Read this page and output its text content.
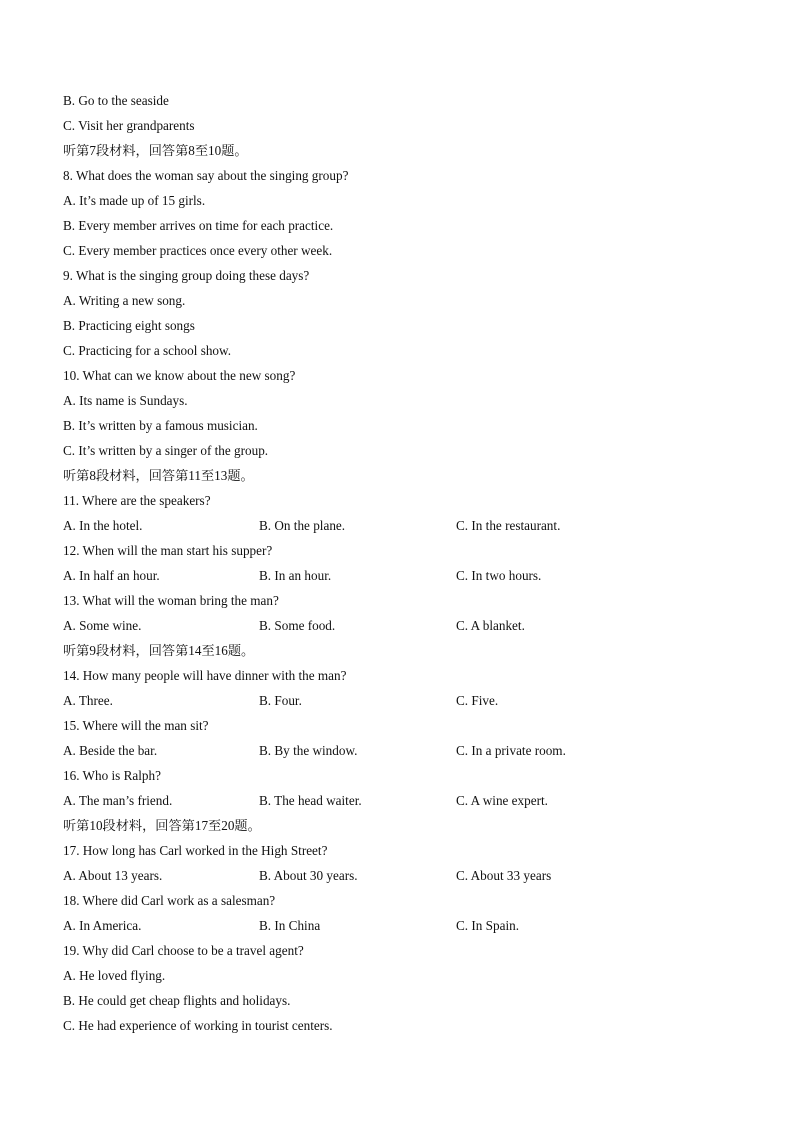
B. Go to the seaside
C. Visit her grandparents
听第7段材料，回答第8至10题。
8. What does the woman say about the singing group?
A. It’s made up of 15 girls.
B. Every member arrives on time for each practice.
C. Every member practices once every other week.
9. What is the singing group doing these days?
A. Writing a new song.
B. Practicing eight songs
C. Practicing for a school show.
10. What can we know about the new song?
A. Its name is Sundays.
B. It’s written by a famous musician.
C. It’s written by a singer of the group.
听第8段材料，回答第11至13题。
11. Where are the speakers?
A. In the hotel.	B. On the plane.	C. In the restaurant.
12. When will the man start his supper?
A. In half an hour.	B. In an hour.	C. In two hours.
13. What will the woman bring the man?
A. Some wine.	B. Some food.	C. A blanket.
听第9段材料，回答第14至16题。
14. How many people will have dinner with the man?
A. Three.	B. Four.	C. Five.
15. Where will the man sit?
A. Beside the bar.	B. By the window.	C. In a private room.
16. Who is Ralph?
A. The man’s friend.	B. The head waiter.	C. A wine expert.
听第10段材料，回答第17至20题。
17. How long has Carl worked in the High Street?
A. About 13 years.	B. About 30 years.	C. About 33 years
18. Where did Carl work as a salesman?
A. In America.	B. In China	C. In Spain.
19. Why did Carl choose to be a travel agent?
A. He loved flying.
B. He could get cheap flights and holidays.
C. He had experience of working in tourist centers.
